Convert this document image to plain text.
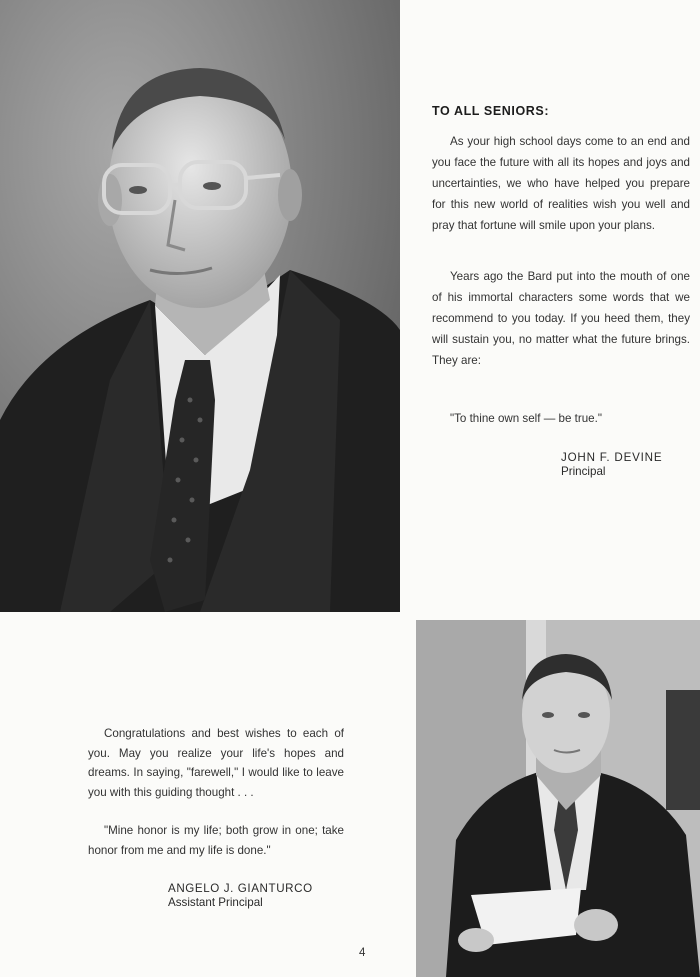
TO ALL SENIORS:
As your high school days come to an end and you face the future with all its hopes and joys and uncertainties, we who have helped you prepare for this new world of realities wish you well and pray that fortune will smile upon your plans.
Years ago the Bard put into the mouth of one of his immortal characters some words that we recommend to you today. If you heed them, they will sustain you, no matter what the future brings. They are:
"To thine own self — be true."
JOHN F. DEVINE
Principal
Congratulations and best wishes to each of you. May you realize your life's hopes and dreams. In saying, "farewell," I would like to leave you with this guiding thought . . .
"Mine honor is my life; both grow in one; take honor from me and my life is done."
ANGELO J. GIANTURCO
Assistant Principal
4
